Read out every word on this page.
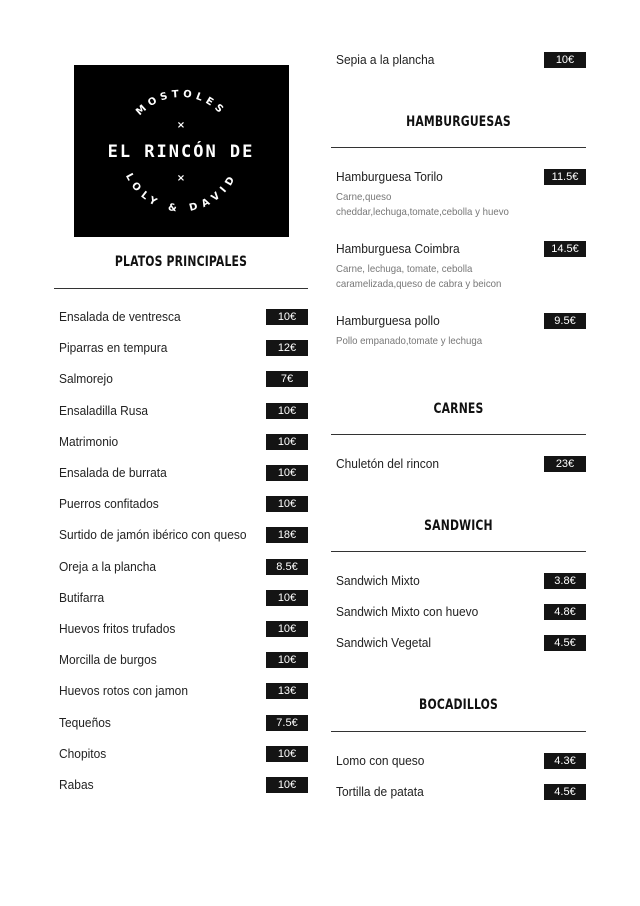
MOSTOLES
LOLY & DAVID
×
×
EL RINCÓN DE
PLATOS PRINCIPALES
Ensalada de ventresca	10€
Piparras en tempura	12€
Salmorejo	7€
Ensaladilla Rusa	10€
Matrimonio	10€
Ensalada de burrata	10€
Puerros confitados	10€
Surtido de jamón ibérico con queso	18€
Oreja a la plancha	8.5€
Butifarra	10€
Huevos fritos trufados	10€
Morcilla de burgos	10€
Huevos rotos con jamon	13€
Tequeños	7.5€
Chopitos	10€
Rabas	10€
Sepia a la plancha	10€
HAMBURGUESAS
Hamburguesa Torilo	11.5€
Carne,queso
cheddar,lechuga,tomate,cebolla y huevo
Hamburguesa Coimbra	14.5€
Carne, lechuga, tomate, cebolla
caramelizada,queso de cabra y beicon
Hamburguesa pollo	9.5€
Pollo empanado,tomate y lechuga
CARNES
Chuletón del rincon	23€
SANDWICH
Sandwich Mixto	3.8€
Sandwich Mixto con huevo	4.8€
Sandwich Vegetal	4.5€
BOCADILLOS
Lomo con queso	4.3€
Tortilla de patata	4.5€
